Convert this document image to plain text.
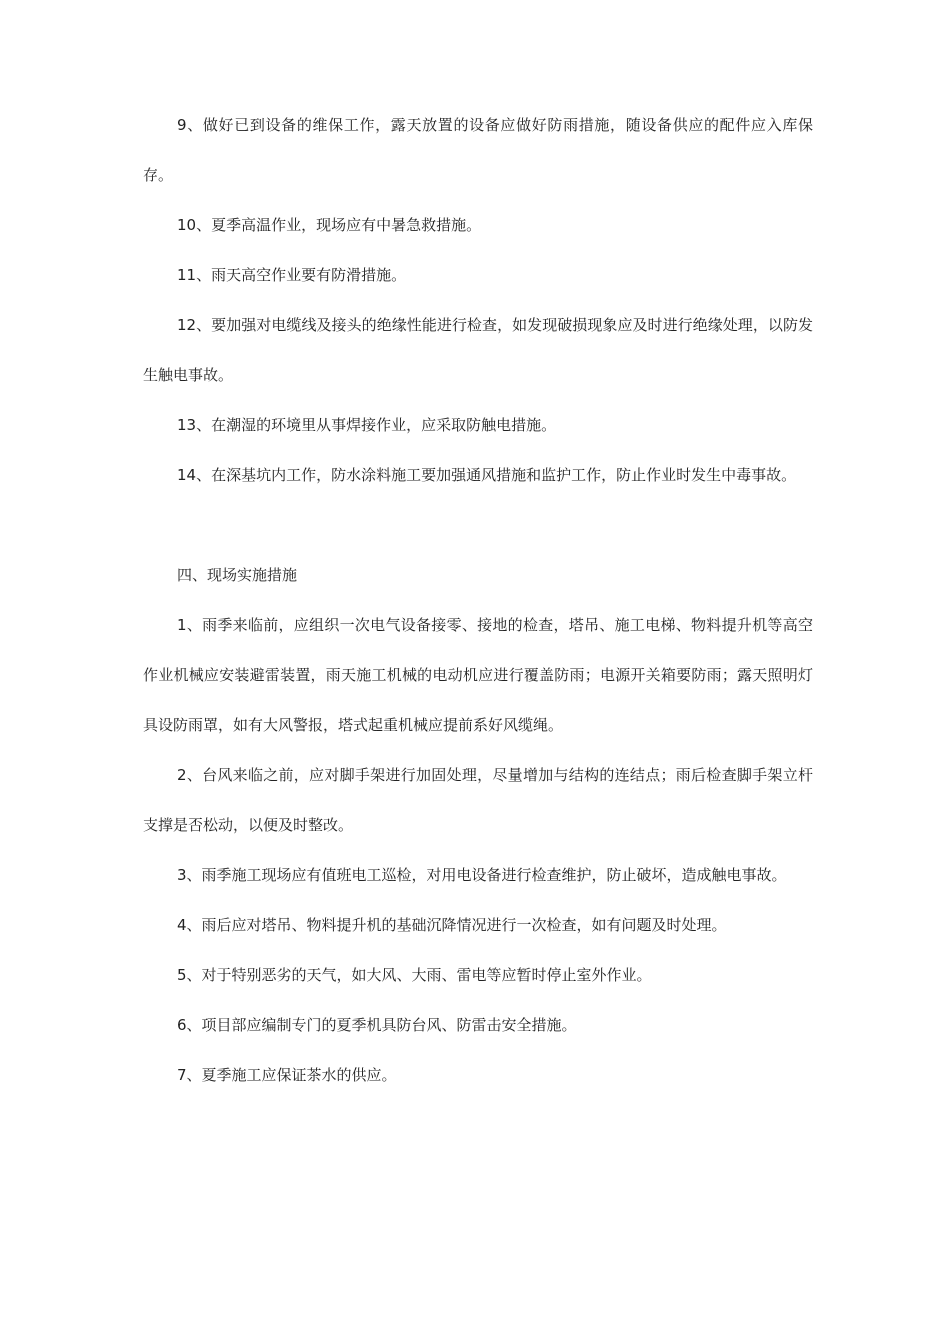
9、做好已到设备的维保工作，露天放置的设备应做好防雨措施，随设备供应的配件应入库保存。

10、夏季高温作业，现场应有中暑急救措施。

11、雨天高空作业要有防滑措施。

12、要加强对电缆线及接头的绝缘性能进行检查，如发现破损现象应及时进行绝缘处理，以防发生触电事故。

13、在潮湿的环境里从事焊接作业，应采取防触电措施。

14、在深基坑内工作，防水涂料施工要加强通风措施和监护工作，防止作业时发生中毒事故。

四、现场实施措施

1、雨季来临前，应组织一次电气设备接零、接地的检查，塔吊、施工电梯、物料提升机等高空作业机械应安装避雷装置，雨天施工机械的电动机应进行覆盖防雨；电源开关箱要防雨；露天照明灯具设防雨罩，如有大风警报，塔式起重机械应提前系好风缆绳。

2、台风来临之前，应对脚手架进行加固处理，尽量增加与结构的连结点；雨后检查脚手架立杆支撑是否松动，以便及时整改。

3、雨季施工现场应有值班电工巡检，对用电设备进行检查维护，防止破坏，造成触电事故。

4、雨后应对塔吊、物料提升机的基础沉降情况进行一次检查，如有问题及时处理。

5、对于特别恶劣的天气，如大风、大雨、雷电等应暂时停止室外作业。

6、项目部应编制专门的夏季机具防台风、防雷击安全措施。

7、夏季施工应保证茶水的供应。
